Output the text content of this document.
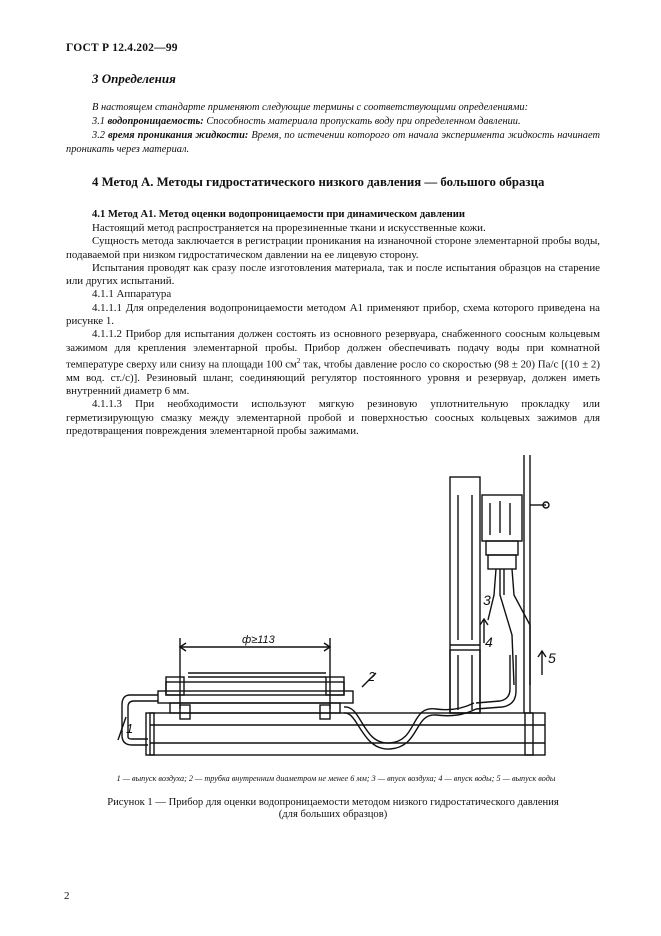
ГОСТ Р 12.4.202—99
3 Определения

В настоящем стандарте применяют следующие термины с соответствующими определениями:

3.1 водопроницаемость: Способность материала пропускать воду при определенном давлении.

3.2 время проникания жидкости: Время, по истечении которого от начала эксперимента жидкость начинает проникать через материал.

4 Метод А. Методы гидростатического низкого давления — большого образца
4.1 Метод А1. Метод оценки водопроницаемости при динамическом давлении

Настоящий метод распространяется на прорезиненные ткани и искусственные кожи.

Сущность метода заключается в регистрации проникания на изнаночной стороне элементарной пробы воды, подаваемой при низком гидростатическом давлении на ее лицевую сторону.

Испытания проводят как сразу после изготовления материала, так и после испытания образцов на старение или других испытаний.

4.1.1 Аппаратура

4.1.1.1 Для определения водопроницаемости методом А1 применяют прибор, схема которого приведена на рисунке 1.

4.1.1.2 Прибор для испытания должен состоять из основного резервуара, снабженного соосным кольцевым зажимом для крепления элементарной пробы. Прибор должен обеспечивать подачу воды при комнатной температуре сверху или снизу на площади 100 $см^2$ так, чтобы давление росло со скоростью (98 ± 20) Па/с [(10 ± 2) мм вод. ст./с)]. Резиновый шланг, соединяющий регулятор постоянного уровня и резервуар, должен иметь внутренний диаметр 6 мм.

4.1.1.3 При необходимости используют мягкую резиновую уплотнительную прокладку или герметизирующую смазку между элементарной пробой и поверхностью соосных кольцевых зажимов для предотвращения повреждения элементарной пробы зажимами.

ф≥113
1
2
3
4
5
1 — выпуск воздуха; 2 — трубка внутренним диаметром не менее 6 мм; 3 — впуск воздуха; 4 — впуск воды; 5 — выпуск воды
Рисунок 1 — Прибор для оценки водопроницаемости методом низкого гидростатического давления
(для больших образцов)
2
